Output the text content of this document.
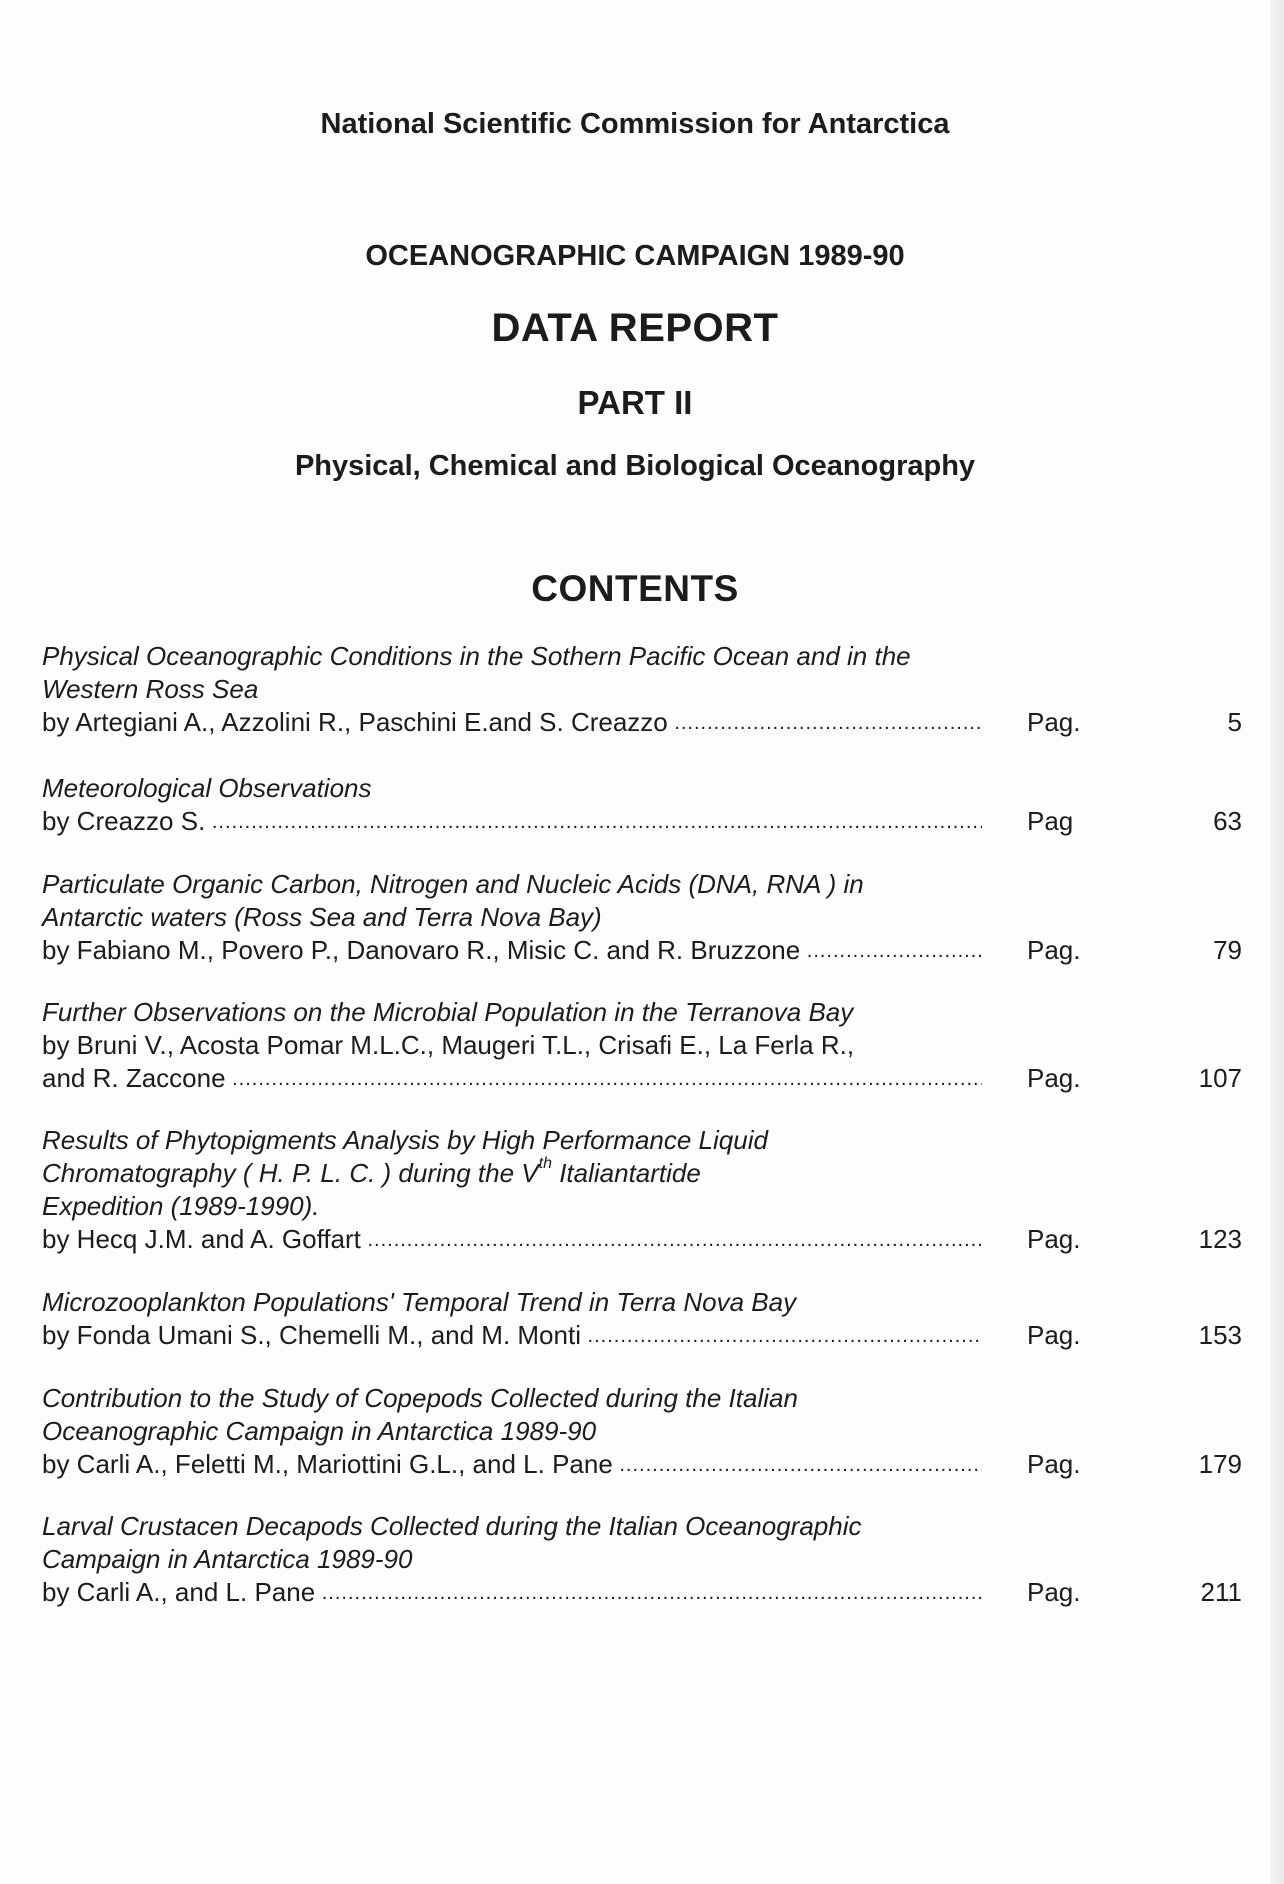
National Scientific Commission for Antarctica
OCEANOGRAPHIC CAMPAIGN 1989-90
DATA REPORT
PART II
Physical, Chemical and Biological Oceanography
CONTENTS
Physical Oceanographic Conditions in the Sothern Pacific Ocean and in the
Western Ross Sea
by Artegiani A., Azzolini R., Paschini E.and S. Creazzo .....	Pag.	5
Meteorological Observations
by Creazzo S. .....	Pag	63
Particulate Organic Carbon, Nitrogen and Nucleic Acids (DNA, RNA ) in
Antarctic waters (Ross Sea and Terra Nova Bay)
by Fabiano M., Povero P., Danovaro R., Misic C. and R. Bruzzone .....	Pag.	79
Further Observations on the Microbial Population in the Terranova Bay
by Bruni V., Acosta Pomar M.L.C., Maugeri T.L., Crisafi E., La Ferla R.,
and R. Zaccone .....	Pag.	107
Results of Phytopigments Analysis by High Performance Liquid
Chromatography ( H. P. L. C. ) during the Vth Italiantartide
Expedition (1989-1990).
by Hecq J.M. and A. Goffart .....	Pag.	123
Microzooplankton Populations' Temporal Trend in Terra Nova Bay
by Fonda Umani S., Chemelli M., and M. Monti .....	Pag.	153
Contribution to the Study of Copepods Collected during the Italian
Oceanographic Campaign in Antarctica 1989-90
by Carli A., Feletti M., Mariottini G.L., and L. Pane .....	Pag.	179
Larval Crustacen Decapods Collected during the Italian Oceanographic
Campaign in Antarctica 1989-90
by Carli A., and L. Pane .....	Pag.	211
